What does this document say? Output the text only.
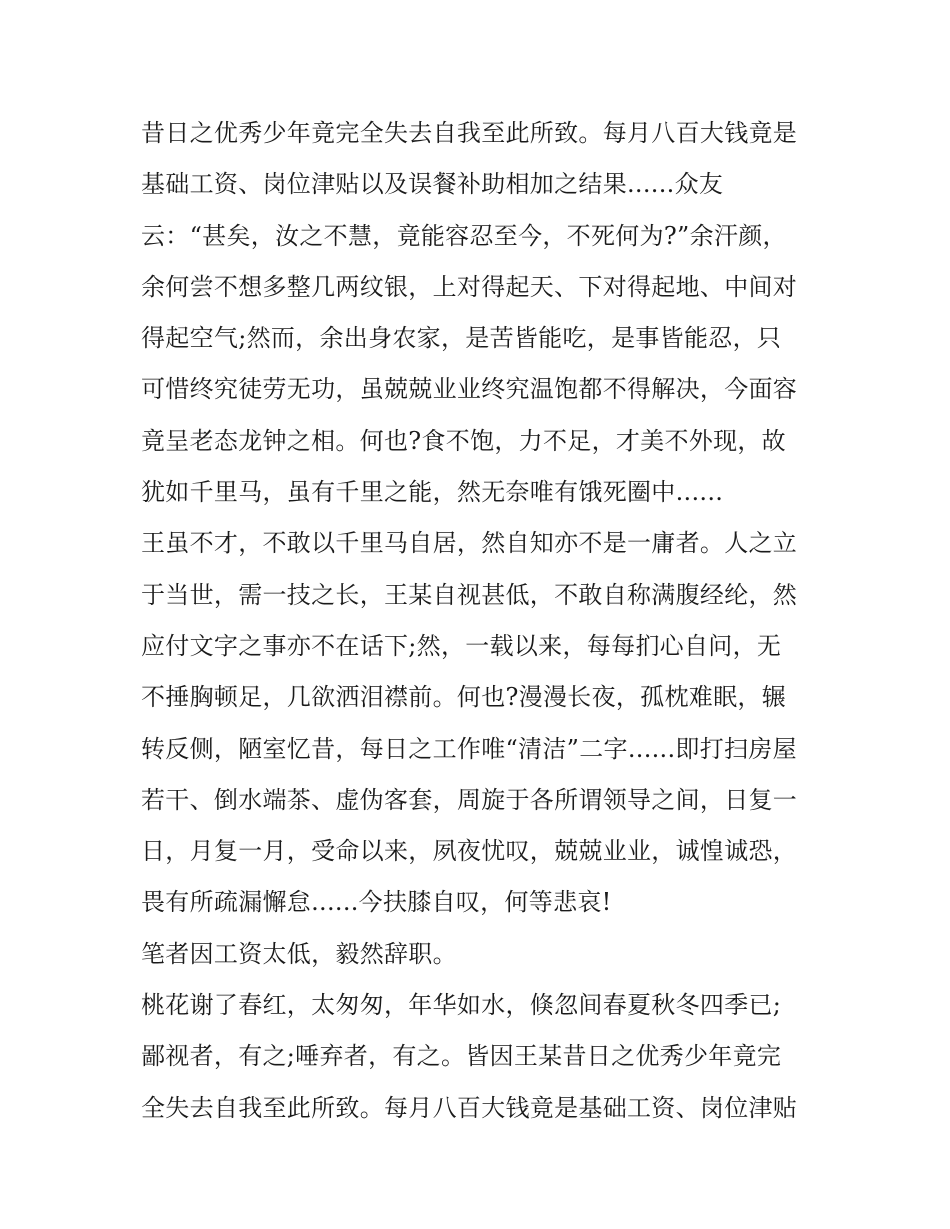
昔日之优秀少年竟完全失去自我至此所致。每月八百大钱竟是
基础工资、岗位津贴以及误餐补助相加之结果......众友
云：“甚矣，汝之不慧，竟能容忍至今，不死何为?”余汗颜，
余何尝不想多整几两纹银，上对得起天、下对得起地、中间对
得起空气;然而，余出身农家，是苦皆能吃，是事皆能忍，只
可惜终究徒劳无功，虽兢兢业业终究温饱都不得解决，今面容
竟呈老态龙钟之相。何也?食不饱，力不足，才美不外现，故
犹如千里马，虽有千里之能，然无奈唯有饿死圈中......
王虽不才，不敢以千里马自居，然自知亦不是一庸者。人之立
于当世，需一技之长，王某自视甚低，不敢自称满腹经纶，然
应付文字之事亦不在话下;然，一载以来，每每扪心自问，无
不捶胸顿足，几欲洒泪襟前。何也?漫漫长夜，孤枕难眠，辗
转反侧，陋室忆昔，每日之工作唯“清洁”二字......即打扫房屋
若干、倒水端茶、虚伪客套，周旋于各所谓领导之间，日复一
日，月复一月，受命以来，夙夜忧叹，兢兢业业，诚惶诚恐，
畏有所疏漏懈怠......今扶膝自叹，何等悲哀!
笔者因工资太低，毅然辞职。
桃花谢了春红，太匆匆，年华如水，倏忽间春夏秋冬四季已;
鄙视者，有之;唾弃者，有之。皆因王某昔日之优秀少年竟完
全失去自我至此所致。每月八百大钱竟是基础工资、岗位津贴
